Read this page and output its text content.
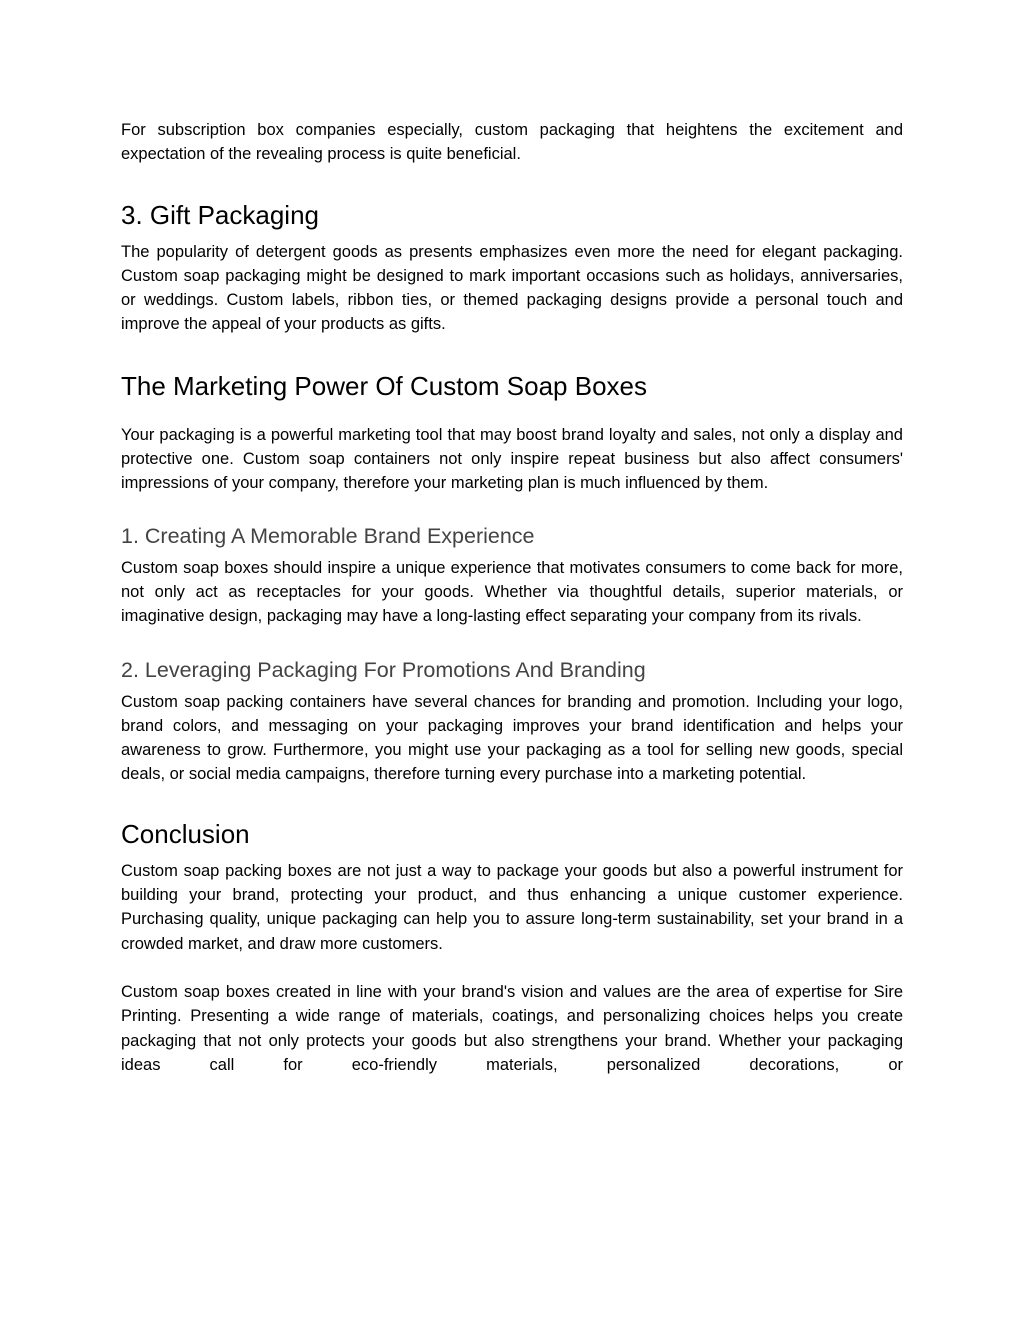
For subscription box companies especially, custom packaging that heightens the excitement and expectation of the revealing process is quite beneficial.

3. Gift Packaging

The popularity of detergent goods as presents emphasizes even more the need for elegant packaging. Custom soap packaging might be designed to mark important occasions such as holidays, anniversaries, or weddings. Custom labels, ribbon ties, or themed packaging designs provide a personal touch and improve the appeal of your products as gifts.

The Marketing Power Of Custom Soap Boxes

Your packaging is a powerful marketing tool that may boost brand loyalty and sales, not only a display and protective one. Custom soap containers not only inspire repeat business but also affect consumers' impressions of your company, therefore your marketing plan is much influenced by them.

1. Creating A Memorable Brand Experience

Custom soap boxes should inspire a unique experience that motivates consumers to come back for more, not only act as receptacles for your goods. Whether via thoughtful details, superior materials, or imaginative design, packaging may have a long-lasting effect separating your company from its rivals.

2. Leveraging Packaging For Promotions And Branding

Custom soap packing containers have several chances for branding and promotion. Including your logo, brand colors, and messaging on your packaging improves your brand identification and helps your awareness to grow. Furthermore, you might use your packaging as a tool for selling new goods, special deals, or social media campaigns, therefore turning every purchase into a marketing potential.

Conclusion

Custom soap packing boxes are not just a way to package your goods but also a powerful instrument for building your brand, protecting your product, and thus enhancing a unique customer experience. Purchasing quality, unique packaging can help you to assure long-term sustainability, set your brand in a crowded market, and draw more customers.

Custom soap boxes created in line with your brand's vision and values are the area of expertise for Sire Printing. Presenting a wide range of materials, coatings, and personalizing choices helps you create packaging that not only protects your goods but also strengthens your brand. Whether your packaging ideas call for eco-friendly materials, personalized decorations, or
